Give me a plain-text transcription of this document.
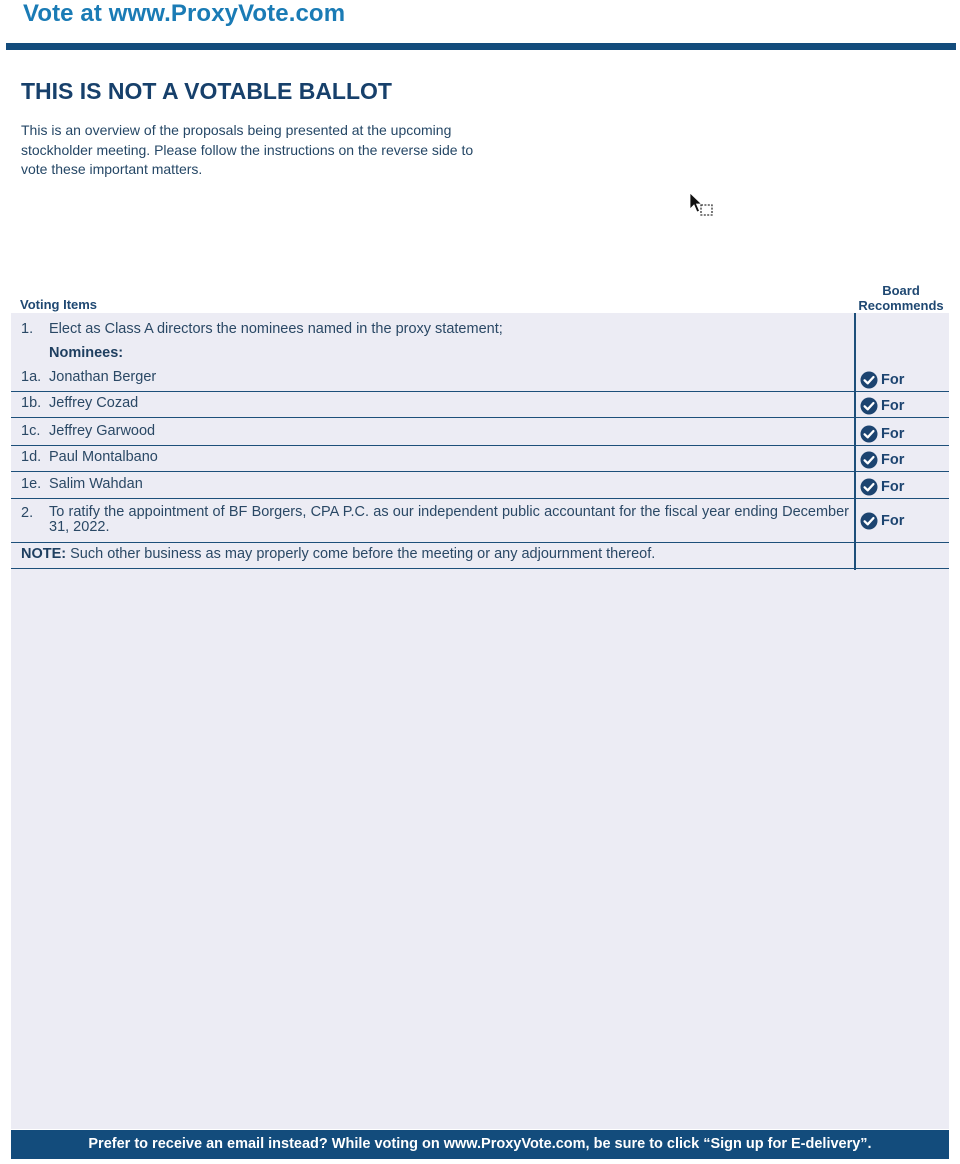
Vote at www.ProxyVote.com
THIS IS NOT A VOTABLE BALLOT

This is an overview of the proposals being presented at the upcoming stockholder meeting. Please follow the instructions on the reverse side to vote these important matters.

Voting Items
Board Recommends
1. Elect as Class A directors the nominees named in the proxy statement;
Nominees:
1a. Jonathan Berger	For
1b. Jeffrey Cozad	For
1c. Jeffrey Garwood	For
1d. Paul Montalbano	For
1e. Salim Wahdan	For
2. To ratify the appointment of BF Borgers, CPA P.C. as our independent public accountant for the fiscal year ending December 31, 2022.	For
NOTE: Such other business as may properly come before the meeting or any adjournment thereof.
Prefer to receive an email instead? While voting on www.ProxyVote.com, be sure to click “Sign up for E-delivery”.
